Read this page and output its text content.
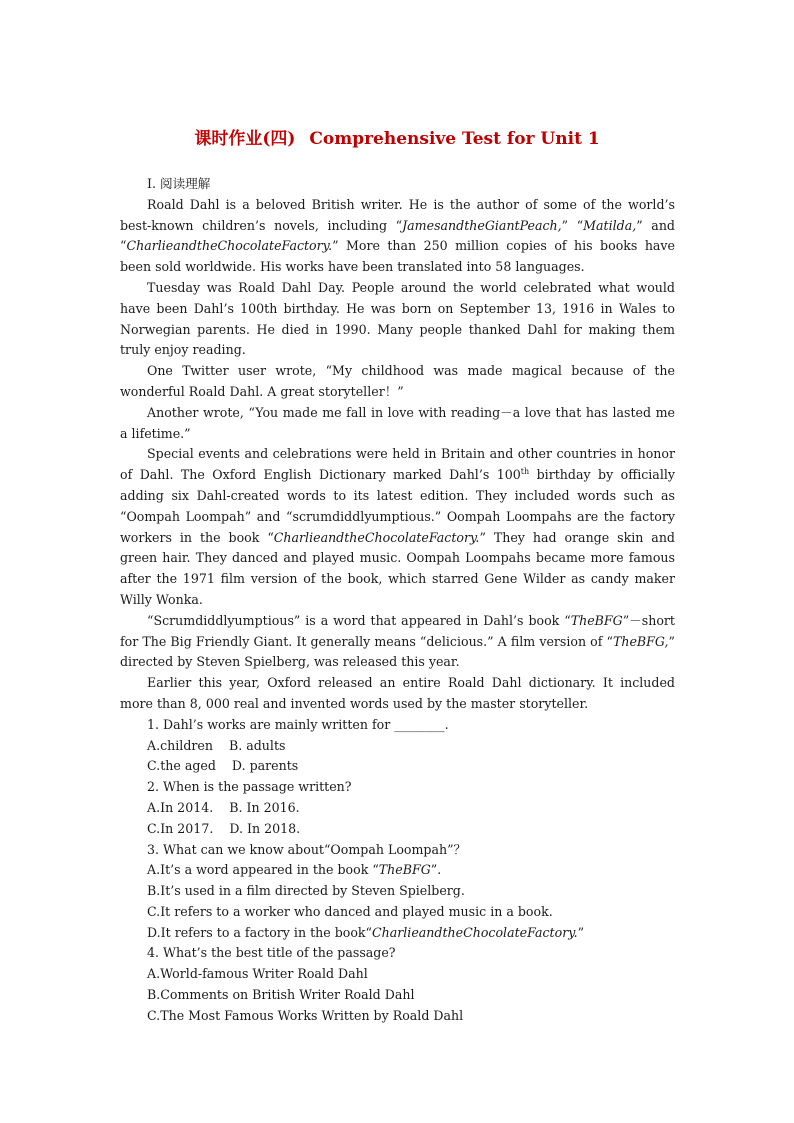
课时作业(四) Comprehensive Test for Unit 1

Ⅰ. 阅读理解

Roald Dahl is a beloved British writer. He is the author of some of the world’s best-known children’s novels, including “JamesandtheGiantPeach,” “Matilda,” and “CharlieandtheChocolateFactory.” More than 250 million copies of his books have been sold worldwide. His works have been translated into 58 languages.

Tuesday was Roald Dahl Day. People around the world celebrated what would have been Dahl’s 100th birthday. He was born on September 13, 1916 in Wales to Norwegian parents. He died in 1990. Many people thanked Dahl for making them truly enjoy reading.

One Twitter user wrote, “My childhood was made magical because of the wonderful Roald Dahl. A great storyteller！”

Another wrote, “You made me fall in love with reading－a love that has lasted me a lifetime.”

Special events and celebrations were held in Britain and other countries in honor of Dahl. The Oxford English Dictionary marked Dahl’s 100th birthday by officially adding six Dahl-created words to its latest edition. They included words such as “Oompah Loompah” and “scrumdiddlyumptious.” Oompah Loompahs are the factory workers in the book “CharlieandtheChocolateFactory.” They had orange skin and green hair. They danced and played music. Oompah Loompahs became more famous after the 1971 film version of the book, which starred Gene Wilder as candy maker Willy Wonka.

“Scrumdiddlyumptious” is a word that appeared in Dahl’s book “TheBFG”－short for The Big Friendly Giant. It generally means “delicious.” A film version of “TheBFG,” directed by Steven Spielberg, was released this year.

Earlier this year, Oxford released an entire Roald Dahl dictionary. It included more than 8, 000 real and invented words used by the master storyteller.

1. Dahl’s works are mainly written for ________.

A.children    B. adults

C.the aged    D. parents

2. When is the passage written?

A.In 2014.    B. In 2016.

C.In 2017.    D. In 2018.

3. What can we know about“Oompah Loompah”？

A.It’s a word appeared in the book “TheBFG”.

B.It’s used in a film directed by Steven Spielberg.

C.It refers to a worker who danced and played music in a book.

D.It refers to a factory in the book“CharlieandtheChocolateFactory.”

4. What’s the best title of the passage?

A.World-famous Writer Roald Dahl

B.Comments on British Writer Roald Dahl

C.The Most Famous Works Written by Roald Dahl
